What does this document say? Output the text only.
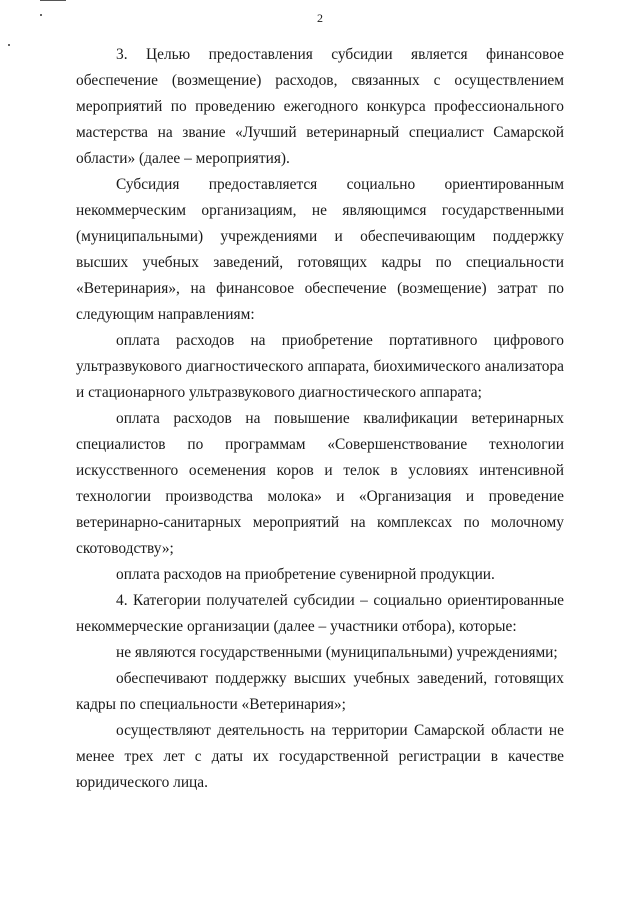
2

3. Целью предоставления субсидии является финансовое обеспечение (возмещение) расходов, связанных с осуществлением мероприятий по проведению ежегодного конкурса профессионального мастерства на звание «Лучший ветеринарный специалист Самарской области» (далее – мероприятия).

Субсидия предоставляется социально ориентированным некоммерческим организациям, не являющимся государственными (муниципальными) учреждениями и обеспечивающим поддержку высших учебных заведений, готовящих кадры по специальности «Ветеринария», на финансовое обеспечение (возмещение) затрат по следующим направлениям:

оплата расходов на приобретение портативного цифрового ультразвукового диагностического аппарата, биохимического анализатора и стационарного ультразвукового диагностического аппарата;

оплата расходов на повышение квалификации ветеринарных специалистов по программам «Совершенствование технологии искусственного осеменения коров и телок в условиях интенсивной технологии производства молока» и «Организация и проведение ветеринарно-санитарных мероприятий на комплексах по молочному скотоводству»;

оплата расходов на приобретение сувенирной продукции.

4. Категории получателей субсидии – социально ориентированные некоммерческие организации (далее – участники отбора), которые:

не являются государственными (муниципальными) учреждениями;

обеспечивают поддержку высших учебных заведений, готовящих кадры по специальности «Ветеринария»;

осуществляют деятельность на территории Самарской области не менее трех лет с даты их государственной регистрации в качестве юридического лица.
